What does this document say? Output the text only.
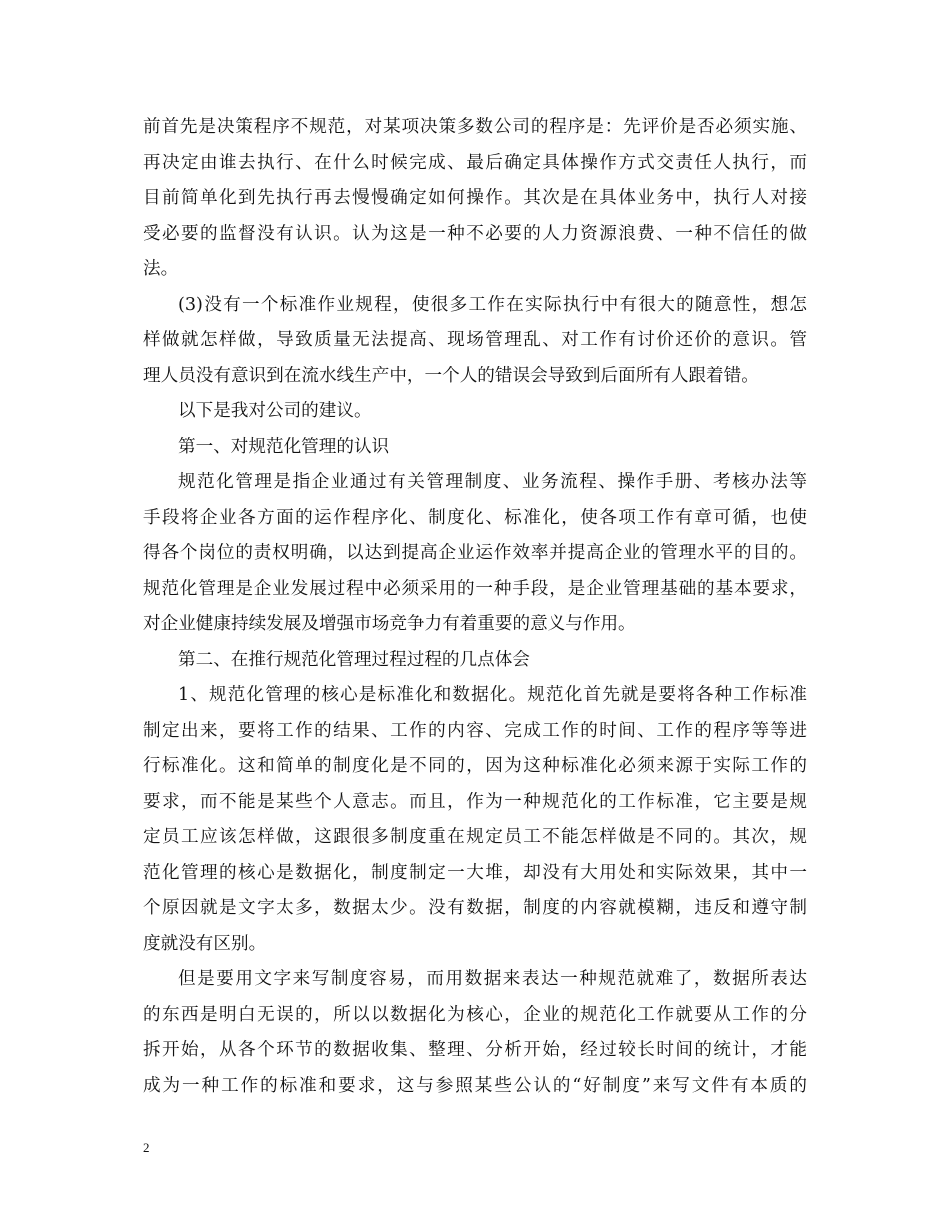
前首先是决策程序不规范，对某项决策多数公司的程序是：先评价是否必须实施、
再决定由谁去执行、在什么时候完成、最后确定具体操作方式交责任人执行，而
目前简单化到先执行再去慢慢确定如何操作。其次是在具体业务中，执行人对接
受必要的监督没有认识。认为这是一种不必要的人力资源浪费、一种不信任的做
法。
(3)没有一个标准作业规程，使很多工作在实际执行中有很大的随意性，想怎
样做就怎样做，导致质量无法提高、现场管理乱、对工作有讨价还价的意识。管
理人员没有意识到在流水线生产中，一个人的错误会导致到后面所有人跟着错。
以下是我对公司的建议。
第一、对规范化管理的认识
规范化管理是指企业通过有关管理制度、业务流程、操作手册、考核办法等
手段将企业各方面的运作程序化、制度化、标准化，使各项工作有章可循，也使
得各个岗位的责权明确，以达到提高企业运作效率并提高企业的管理水平的目的。
规范化管理是企业发展过程中必须采用的一种手段，是企业管理基础的基本要求，
对企业健康持续发展及增强市场竞争力有着重要的意义与作用。
第二、在推行规范化管理过程过程的几点体会
1、规范化管理的核心是标准化和数据化。规范化首先就是要将各种工作标准
制定出来，要将工作的结果、工作的内容、完成工作的时间、工作的程序等等进
行标准化。这和简单的制度化是不同的，因为这种标准化必须来源于实际工作的
要求，而不能是某些个人意志。而且，作为一种规范化的工作标准，它主要是规
定员工应该怎样做，这跟很多制度重在规定员工不能怎样做是不同的。其次，规
范化管理的核心是数据化，制度制定一大堆，却没有大用处和实际效果，其中一
个原因就是文字太多，数据太少。没有数据，制度的内容就模糊，违反和遵守制
度就没有区别。
但是要用文字来写制度容易，而用数据来表达一种规范就难了，数据所表达
的东西是明白无误的，所以以数据化为核心，企业的规范化工作就要从工作的分
拆开始，从各个环节的数据收集、整理、分析开始，经过较长时间的统计，才能
成为一种工作的标准和要求，这与参照某些公认的“好制度”来写文件有本质的
2
